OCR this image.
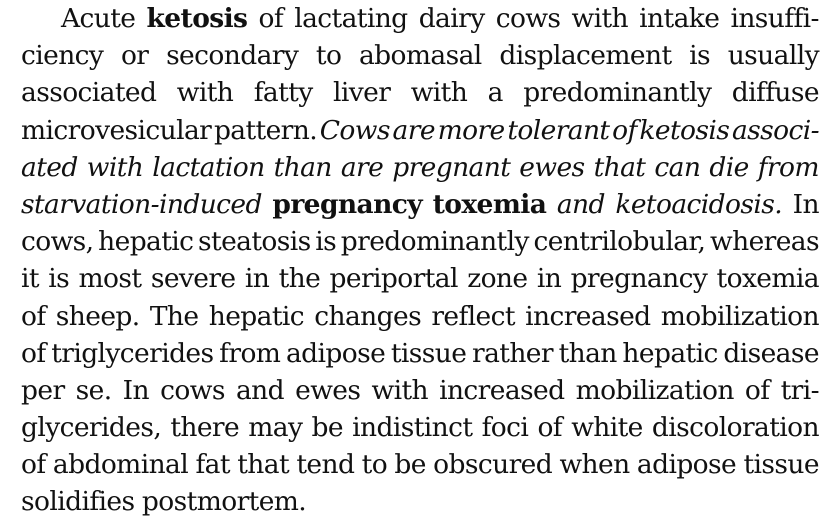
Acute ketosis of lactating dairy cows with intake insuffi-
ciency or secondary to abomasal displacement is usually
associated with fatty liver with a predominantly diffuse
microvesicular pattern. Cows are more tolerant of ketosis associ-
ated with lactation than are pregnant ewes that can die from
starvation-induced pregnancy toxemia and ketoacidosis. In
cows, hepatic steatosis is predominantly centrilobular, whereas
it is most severe in the periportal zone in pregnancy toxemia
of sheep. The hepatic changes reflect increased mobilization
of triglycerides from adipose tissue rather than hepatic disease
per se. In cows and ewes with increased mobilization of tri-
glycerides, there may be indistinct foci of white discoloration
of abdominal fat that tend to be obscured when adipose tissue
solidifies postmortem.
